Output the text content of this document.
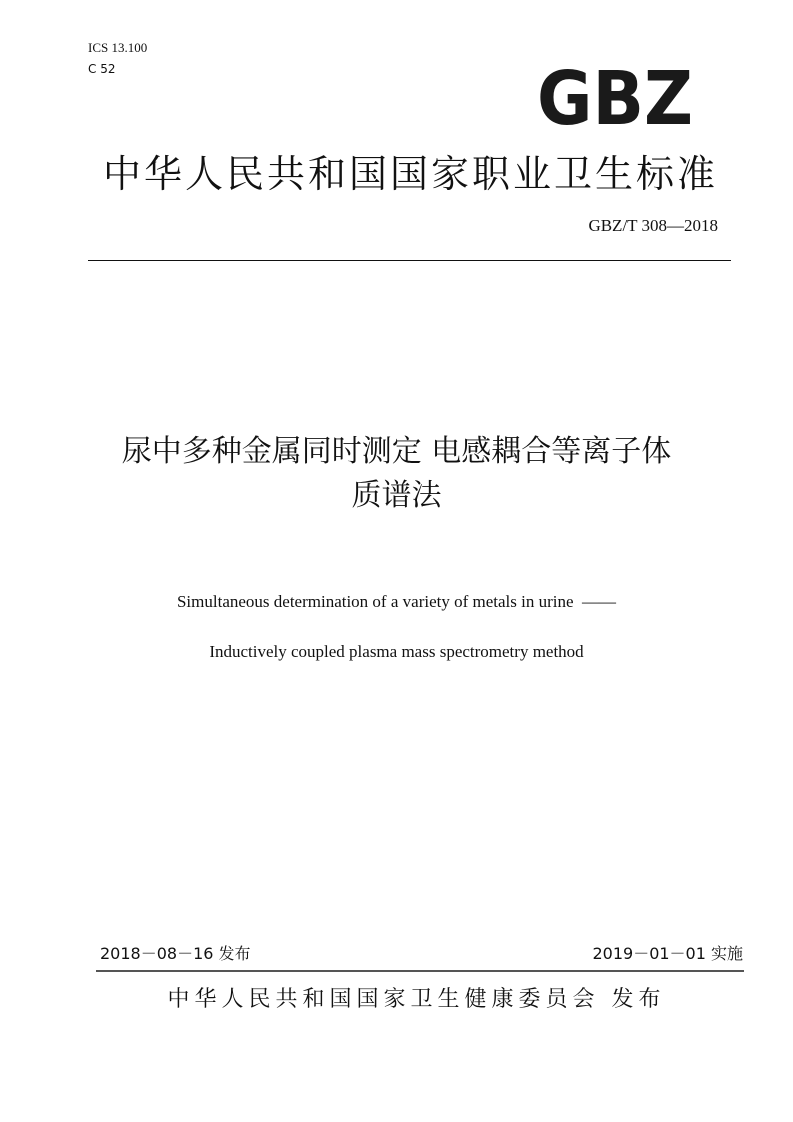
ICS 13.100
C 52	GBZ
中华人民共和国国家职业卫生标准
GBZ/T 308—2018
尿中多种金属同时测定 电感耦合等离子体
质谱法
Simultaneous determination of a variety of metals in urine  ——
Inductively coupled plasma mass spectrometry method
2018－08－16 发布	2019－01－01 实施
中华人民共和国国家卫生健康委员会 发布
